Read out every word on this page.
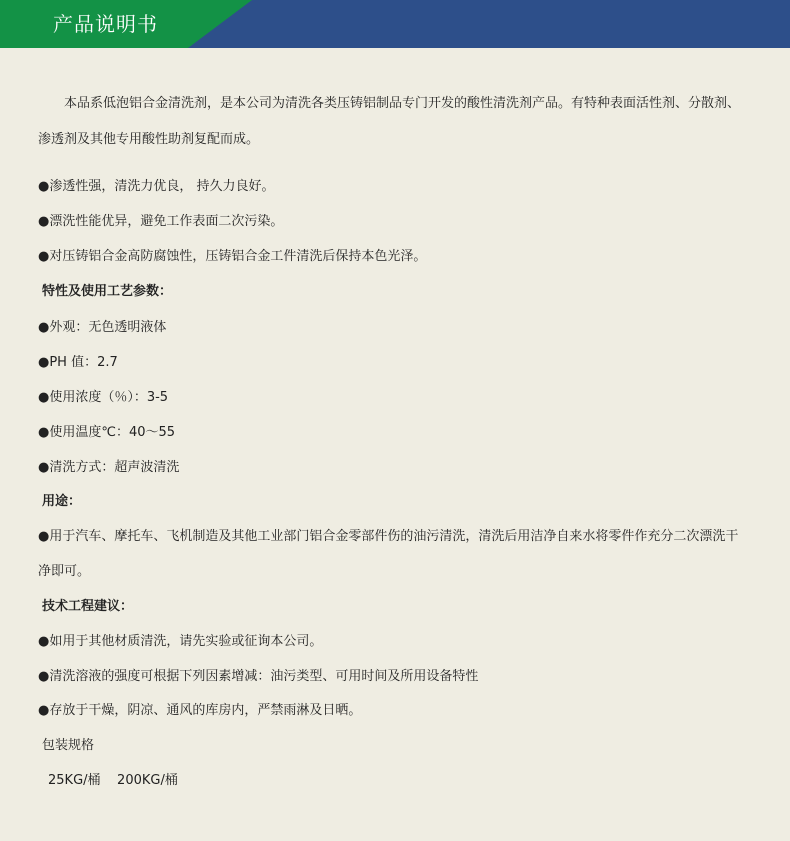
产品说明书
本品系低泡铝合金清洗剂，是本公司为清洗各类压铸铝制品专门开发的酸性清洗剂产品。有特种表面活性剂、分散剂、
渗透剂及其他专用酸性助剂复配而成。
●渗透性强，清洗力优良， 持久力良好。
●漂洗性能优异，避免工作表面二次污染。
●对压铸铝合金高防腐蚀性，压铸铝合金工件清洗后保持本色光泽。
特性及使用工艺参数：
●外观：无色透明液体
●PH 值：2.7
●使用浓度（％）：3-5
●使用温度℃：40～55
●清洗方式：超声波清洗
用途：
●用于汽车、摩托车、飞机制造及其他工业部门铝合金零部件伤的油污清洗，清洗后用洁净自来水将零件作充分二次漂洗干
净即可。
技术工程建议：
●如用于其他材质清洗，请先实验或征询本公司。
●清洗溶液的强度可根据下列因素增减：油污类型、可用时间及所用设备特性
●存放于干燥，阴凉、通风的库房内，严禁雨淋及日晒。
包装规格
25KG/桶    200KG/桶
